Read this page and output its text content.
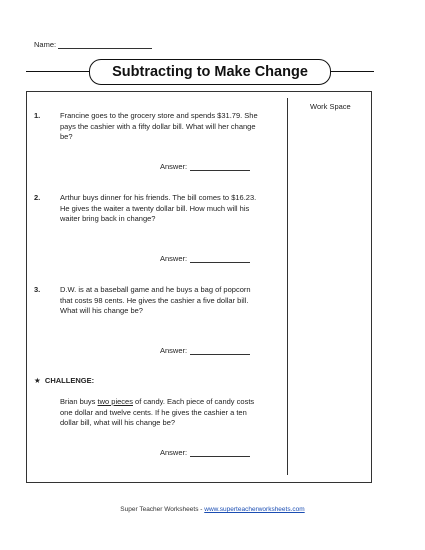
Name:
Subtracting to Make Change
Work Space
1.	Francine goes to the grocery store and spends $31.79. She pays the cashier with a fifty dollar bill. What will her change be?
Answer:
2.	Arthur buys dinner for his friends. The bill comes to $16.23. He gives the waiter a twenty dollar bill. How much will his waiter bring back in change?
Answer:
3.	D.W. is at a baseball game and he buys a bag of popcorn that costs 98 cents. He gives the cashier a five dollar bill. What will his change be?
Answer:
★ CHALLENGE:
Brian buys two pieces of candy. Each piece of candy costs one dollar and twelve cents. If he gives the cashier a ten dollar bill, what will his change be?
Answer:
Super Teacher Worksheets - www.superteacherworksheets.com
